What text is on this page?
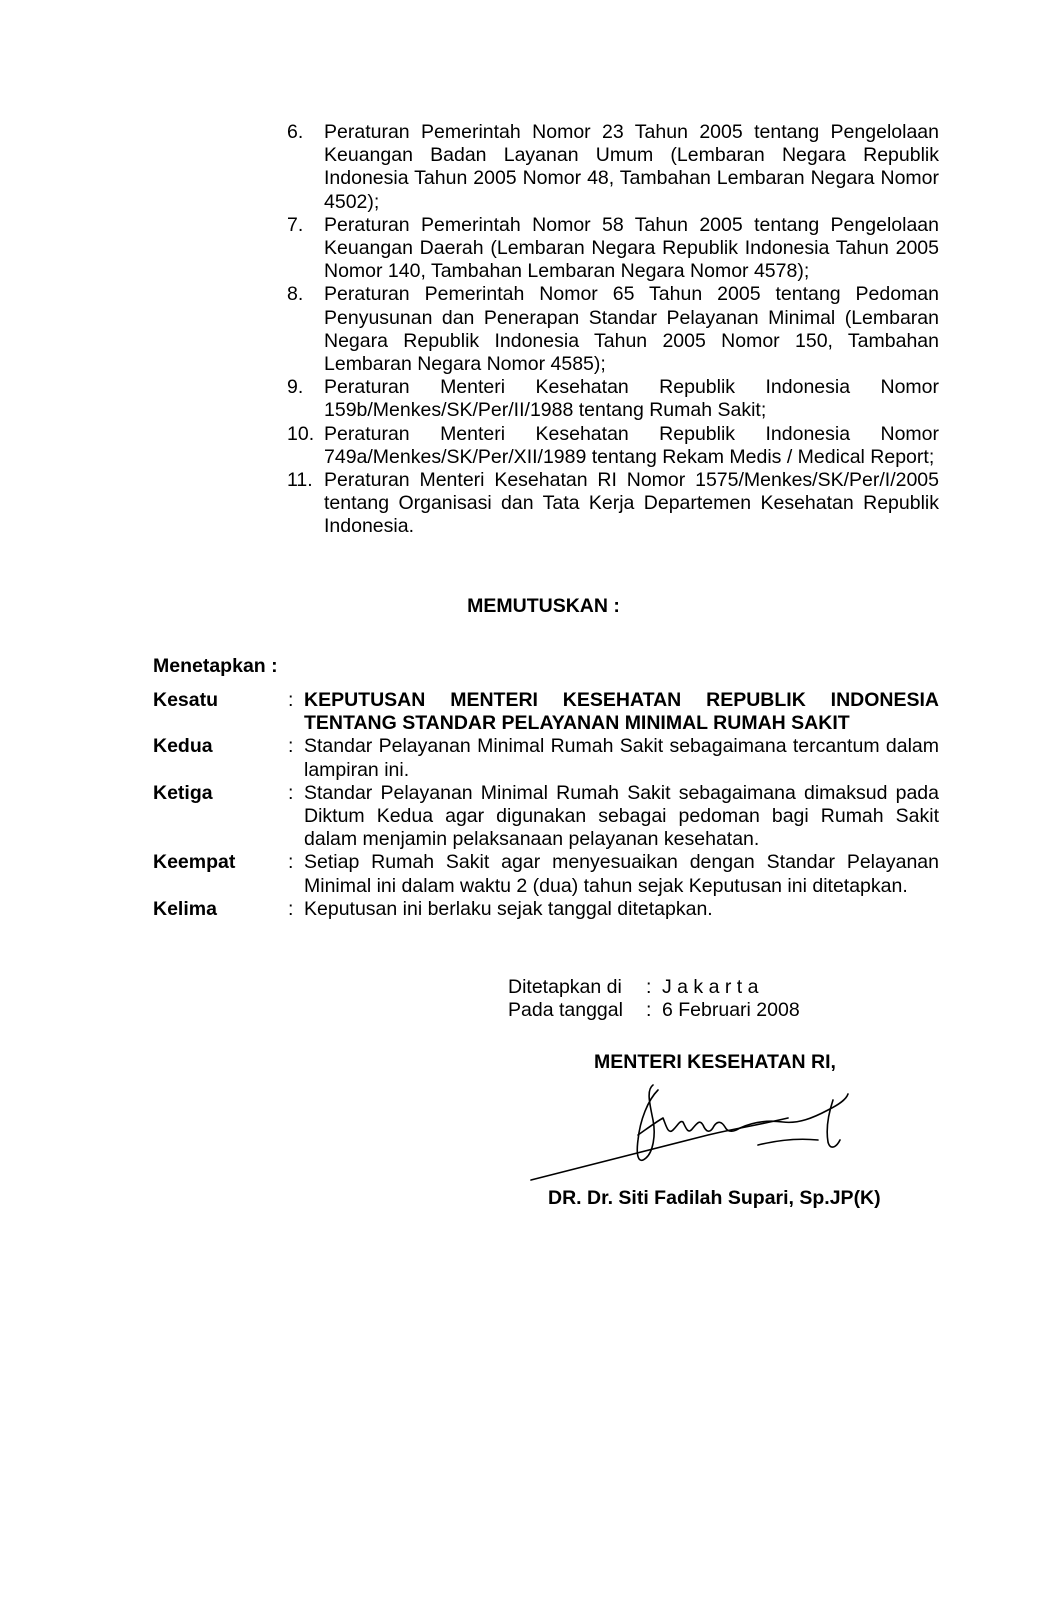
6. Peraturan Pemerintah Nomor 23 Tahun 2005 tentang Pengelolaan Keuangan Badan Layanan Umum (Lembaran Negara Republik Indonesia Tahun 2005 Nomor 48, Tambahan Lembaran Negara Nomor 4502);
7. Peraturan Pemerintah Nomor 58 Tahun 2005 tentang Pengelolaan Keuangan Daerah (Lembaran Negara Republik Indonesia Tahun 2005 Nomor 140, Tambahan Lembaran Negara Nomor 4578);
8. Peraturan Pemerintah Nomor 65 Tahun 2005 tentang Pedoman Penyusunan dan Penerapan Standar Pelayanan Minimal (Lembaran Negara Republik Indonesia Tahun 2005 Nomor 150, Tambahan Lembaran Negara Nomor 4585);
9. Peraturan Menteri Kesehatan Republik Indonesia Nomor 159b/Menkes/SK/Per/II/1988 tentang Rumah Sakit;
10. Peraturan Menteri Kesehatan Republik Indonesia Nomor 749a/Menkes/SK/Per/XII/1989 tentang Rekam Medis / Medical Report;
11. Peraturan Menteri Kesehatan RI Nomor 1575/Menkes/SK/Per/I/2005 tentang Organisasi dan Tata Kerja Departemen Kesehatan Republik Indonesia.
MEMUTUSKAN :
Menetapkan :
Kesatu	: KEPUTUSAN MENTERI KESEHATAN REPUBLIK INDONESIA TENTANG STANDAR PELAYANAN MINIMAL RUMAH SAKIT
Kedua	: Standar Pelayanan Minimal Rumah Sakit sebagaimana tercantum dalam lampiran ini.
Ketiga	: Standar Pelayanan Minimal Rumah Sakit sebagaimana dimaksud pada Diktum Kedua agar digunakan sebagai pedoman bagi Rumah Sakit dalam menjamin pelaksanaan pelayanan kesehatan.
Keempat	: Setiap Rumah Sakit agar menyesuaikan dengan Standar Pelayanan Minimal ini dalam waktu 2 (dua) tahun sejak Keputusan ini ditetapkan.
Kelima	: Keputusan ini berlaku sejak tanggal ditetapkan.
Ditetapkan di	: J a k a r t a
Pada tanggal	: 6 Februari 2008
MENTERI KESEHATAN RI,
DR. Dr. Siti Fadilah Supari, Sp.JP(K)
